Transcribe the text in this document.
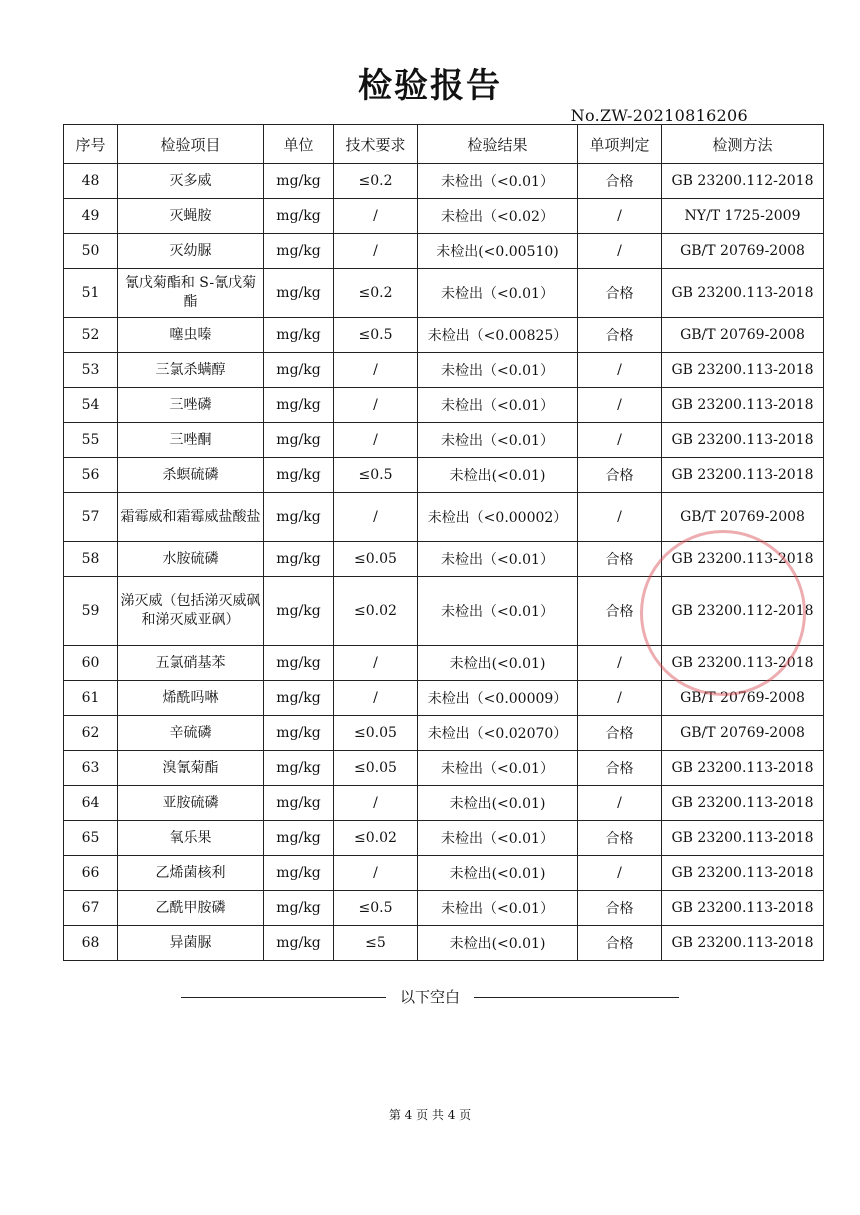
检验报告
No.ZW-20210816206
序号	检验项目	单位	技术要求	检验结果	单项判定	检测方法
48	灭多威	mg/kg	≤0.2	未检出（<0.01）	合格	GB 23200.112-2018
49	灭蝇胺	mg/kg	/	未检出（<0.02）	/	NY/T 1725-2009
50	灭幼脲	mg/kg	/	未检出(<0.00510)	/	GB/T 20769-2008
51	氰戊菊酯和 S-氰戊菊酯	mg/kg	≤0.2	未检出（<0.01）	合格	GB 23200.113-2018
52	噻虫嗪	mg/kg	≤0.5	未检出（<0.00825）	合格	GB/T 20769-2008
53	三氯杀螨醇	mg/kg	/	未检出（<0.01）	/	GB 23200.113-2018
54	三唑磷	mg/kg	/	未检出（<0.01）	/	GB 23200.113-2018
55	三唑酮	mg/kg	/	未检出（<0.01）	/	GB 23200.113-2018
56	杀螟硫磷	mg/kg	≤0.5	未检出(<0.01)	合格	GB 23200.113-2018
57	霜霉威和霜霉威盐酸盐	mg/kg	/	未检出（<0.00002）	/	GB/T 20769-2008
58	水胺硫磷	mg/kg	≤0.05	未检出（<0.01）	合格	GB 23200.113-2018
59	涕灭威（包括涕灭威砜和涕灭威亚砜）	mg/kg	≤0.02	未检出（<0.01）	合格	GB 23200.112-2018
60	五氯硝基苯	mg/kg	/	未检出(<0.01)	/	GB 23200.113-2018
61	烯酰吗啉	mg/kg	/	未检出（<0.00009）	/	GB/T 20769-2008
62	辛硫磷	mg/kg	≤0.05	未检出（<0.02070）	合格	GB/T 20769-2008
63	溴氰菊酯	mg/kg	≤0.05	未检出（<0.01）	合格	GB 23200.113-2018
64	亚胺硫磷	mg/kg	/	未检出(<0.01)	/	GB 23200.113-2018
65	氧乐果	mg/kg	≤0.02	未检出（<0.01）	合格	GB 23200.113-2018
66	乙烯菌核利	mg/kg	/	未检出(<0.01)	/	GB 23200.113-2018
67	乙酰甲胺磷	mg/kg	≤0.5	未检出（<0.01）	合格	GB 23200.113-2018
68	异菌脲	mg/kg	≤5	未检出(<0.01)	合格	GB 23200.113-2018
以下空白
第 4 页 共 4 页
